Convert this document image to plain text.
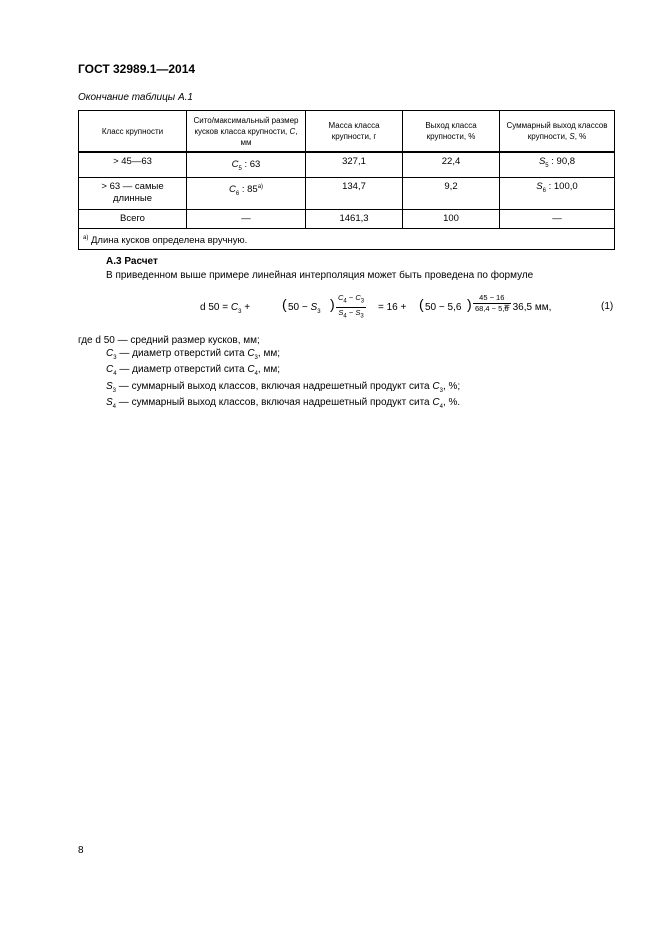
ГОСТ 32989.1—2014
Окончание таблицы А.1
Класс крупности	Сито/максимальный размер кусков класса крупности, C, мм	Масса класса крупности, г	Выход класса крупности, %	Суммарный выход классов крупности, S, %
> 45—63	$C_5$ : 63	327,1	22,4	$S_5$ : 90,8
> 63 — самые длинные	$C_6$ : $85^{а)}$	134,7	9,2	$S_6$ : 100,0
Всего	—	1461,3	100	—
$^{а)}$ Длина кусков определена вручную.				
А.3 Расчет
В приведенном выше примере линейная интерполяция может быть проведена по формуле
d $50 = C_3$ + ( $50 - S_3$ ) $\frac{C_4 - C_3}{S_4 - S_3} = 16$ + ( 50 − 5,6 ) $\frac{45 - 16}{68,4 - 5,6}$
= 36,5 мм,	(1)
где d 50 — средний размер кусков, мм;
$C_3$ — диаметр отверстий сита $C_3$, мм;
$C_4$ — диаметр отверстий сита $C_4$, мм;
$S_3$ — суммарный выход классов, включая надрешетный продукт сита $C_3$, %;
$S_4$ — суммарный выход классов, включая надрешетный продукт сита $C_4$, %.
8
